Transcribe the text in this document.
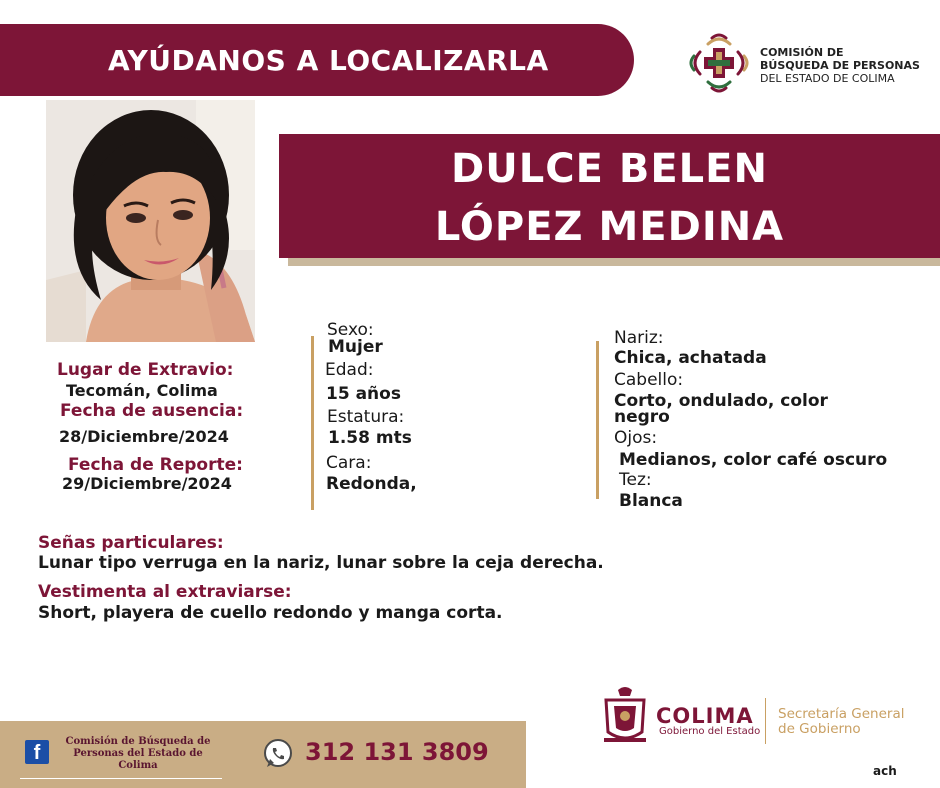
AYÚDANOS A LOCALIZARLA	COMISIÓN DE
BÚSQUEDA DE PERSONAS
DEL ESTADO DE COLIMA
DULCE BELEN
LÓPEZ MEDINA
Lugar de Extravio:
Tecomán, Colima
Fecha de ausencia:
28/Diciembre/2024
Fecha de Reporte:
29/Diciembre/2024
Sexo:
Mujer
Edad:
15 años
Estatura:
1.58 mts
Cara:
Redonda,
Nariz:
Chica, achatada
Cabello:
Corto, ondulado, color
negro
Ojos:
Medianos, color café oscuro
Tez:
Blanca
Señas particulares:
Lunar tipo verruga en la nariz, lunar sobre la ceja derecha.
Vestimenta al extraviarse:
Short, playera de cuello redondo y manga corta.
f
Comisión de Búsqueda de
Personas del Estado de
Colima	312 131 3809
COLIMA
Gobierno del Estado
Secretaría General
de Gobierno
ach
